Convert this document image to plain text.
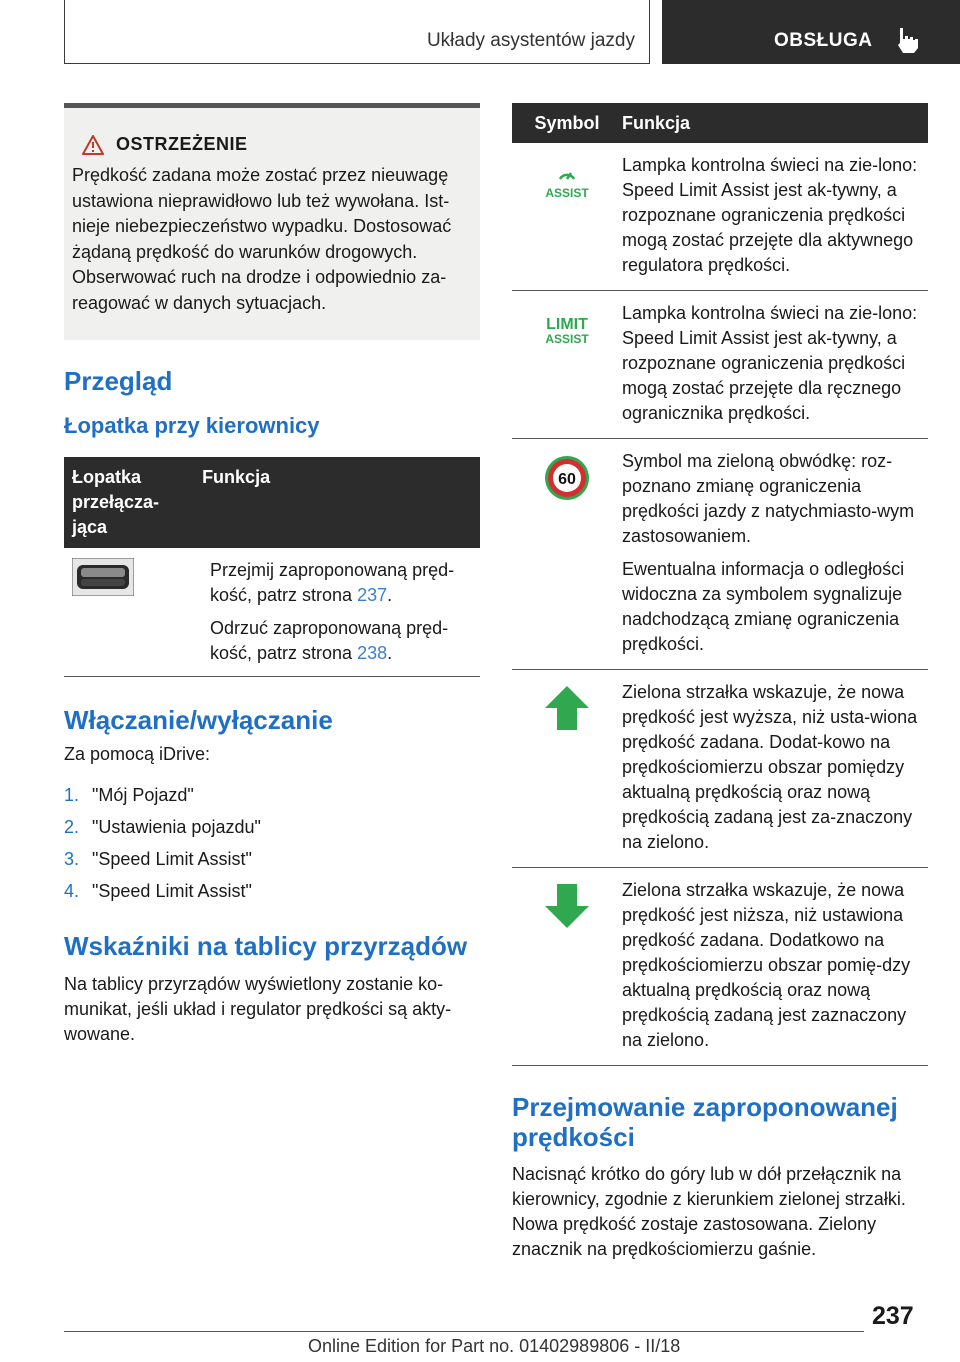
Układy asystentów jazdy	OBSŁUGA
OSTRZEŻENIE

Prędkość zadana może zostać przez nieuwagę ustawiona nieprawidłowo lub też wywołana. Ist-nieje niebezpieczeństwo wypadku. Dostosować żądaną prędkość do warunków drogowych. Obserwować ruch na drodze i odpowiednio za-reagować w danych sytuacjach.

Przegląd
Łopatka przy kierownicy
Łopatka przełącza-jąca
Funkcja

Przejmij zaproponowaną pręd-kość, patrz strona 237.

Odrzuć zaproponowaną pręd-kość, patrz strona 238.

Włączanie/wyłączanie

Za pomocą iDrive:

1. "Mój Pojazd"
2. "Ustawienia pojazdu"
3. "Speed Limit Assist"
4. "Speed Limit Assist"
Wskaźniki na tablicy przyrządów

Na tablicy przyrządów wyświetlony zostanie ko-munikat, jeśli układ i regulator prędkości są akty-wowane.

Symbol	Funkcja
ASSIST

Lampka kontrolna świeci na zie-lono: Speed Limit Assist jest ak-tywny, a rozpoznane ograniczenia prędkości mogą zostać przejęte dla aktywnego regulatora prędkości.

LIMIT
ASSIST

Lampka kontrolna świeci na zie-lono: Speed Limit Assist jest ak-tywny, a rozpoznane ograniczenia prędkości mogą zostać przejęte dla ręcznego ogranicznika prędkości.

60

Symbol ma zieloną obwódkę: roz-poznano zmianę ograniczenia prędkości jazdy z natychmiasto-wym zastosowaniem.

Ewentualna informacja o odległości widoczna za symbolem sygnalizuje nadchodzącą zmianę ograniczenia prędkości.

Zielona strzałka wskazuje, że nowa prędkość jest wyższa, niż usta-wiona prędkość zadana. Dodat-kowo na prędkościomierzu obszar pomiędzy aktualną prędkością oraz nową prędkością zadaną jest za-znaczony na zielono.

Zielona strzałka wskazuje, że nowa prędkość jest niższa, niż ustawiona prędkość zadana. Dodatkowo na prędkościomierzu obszar pomię-dzy aktualną prędkością oraz nową prędkością zadaną jest zaznaczony na zielono.

Przejmowanie zaproponowanej prędkości

Nacisnąć krótko do góry lub w dół przełącznik na kierownicy, zgodnie z kierunkiem zielonej strzałki. Nowa prędkość zostaje zastosowana. Zielony znacznik na prędkościomierzu gaśnie.

237
Online Edition for Part no. 01402989806 - II/18
